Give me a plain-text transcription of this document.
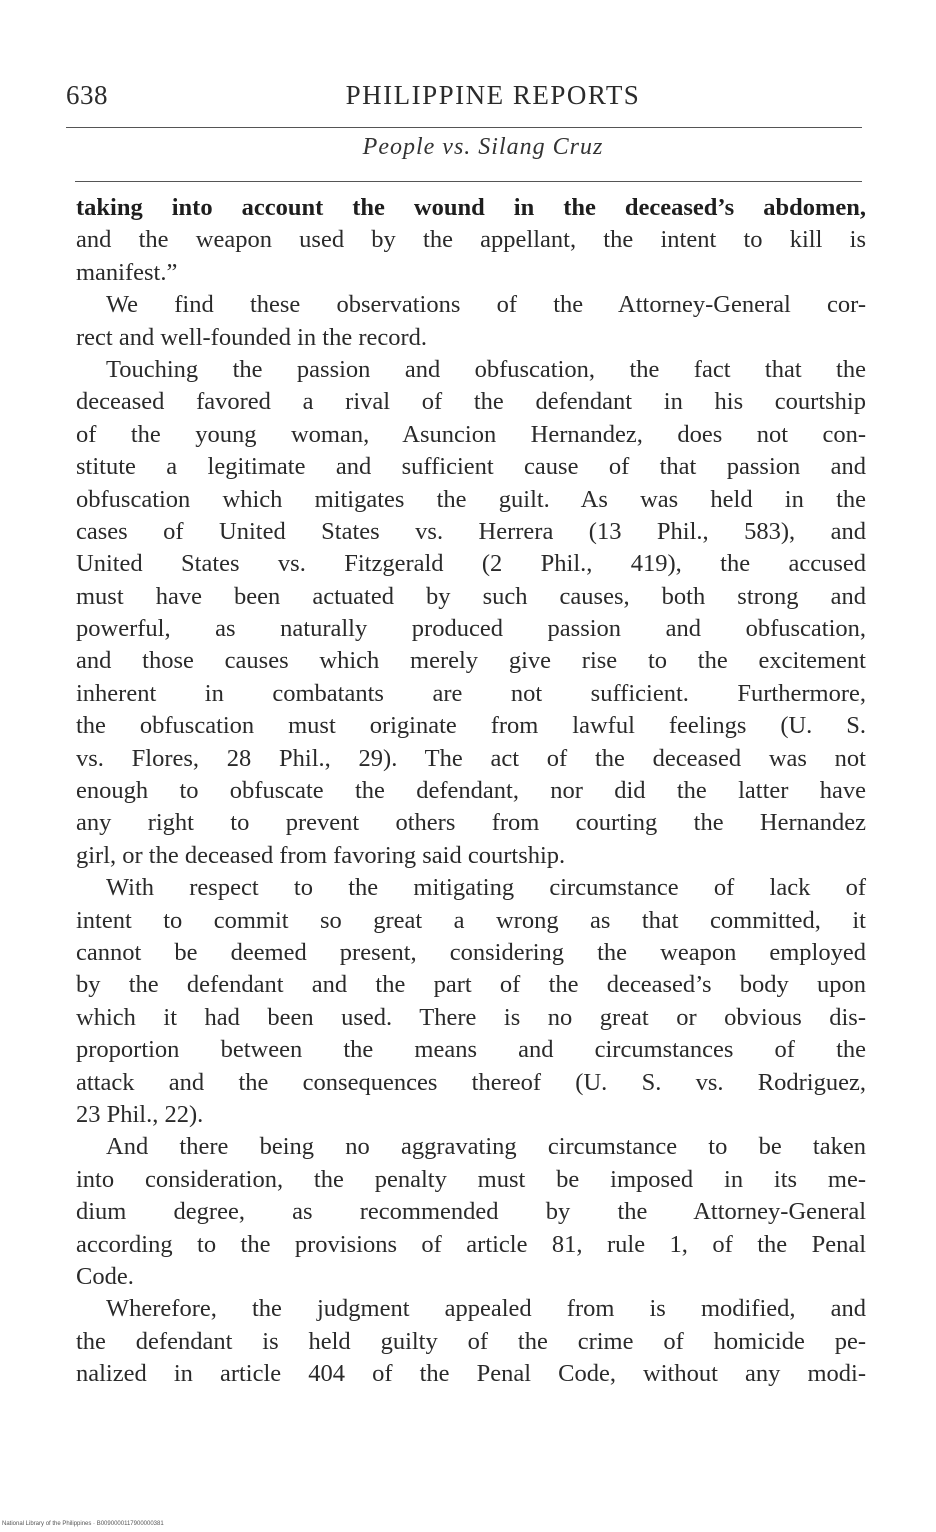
638	PHILIPPINE REPORTS
People vs. Silang Cruz
taking into account the wound in the deceased’s abdomen,
and the weapon used by the appellant, the intent to kill is
manifest.”
We find these observations of the Attorney-General cor-
rect and well-founded in the record.
Touching the passion and obfuscation, the fact that the
deceased favored a rival of the defendant in his courtship
of the young woman, Asuncion Hernandez, does not con-
stitute a legitimate and sufficient cause of that passion and
obfuscation which mitigates the guilt. As was held in the
cases of United States vs. Herrera (13 Phil., 583), and
United States vs. Fitzgerald (2 Phil., 419), the accused
must have been actuated by such causes, both strong and
powerful, as naturally produced passion and obfuscation,
and those causes which merely give rise to the excitement
inherent in combatants are not sufficient. Furthermore,
the obfuscation must originate from lawful feelings (U. S.
vs. Flores, 28 Phil., 29). The act of the deceased was not
enough to obfuscate the defendant, nor did the latter have
any right to prevent others from courting the Hernandez
girl, or the deceased from favoring said courtship.
With respect to the mitigating circumstance of lack of
intent to commit so great a wrong as that committed, it
cannot be deemed present, considering the weapon employed
by the defendant and the part of the deceased’s body upon
which it had been used. There is no great or obvious dis-
proportion between the means and circumstances of the
attack and the consequences thereof (U. S. vs. Rodriguez,
23 Phil., 22).
And there being no aggravating circumstance to be taken
into consideration, the penalty must be imposed in its me-
dium degree, as recommended by the Attorney-General
according to the provisions of article 81, rule 1, of the Penal
Code.
Wherefore, the judgment appealed from is modified, and
the defendant is held guilty of the crime of homicide pe-
nalized in article 404 of the Penal Code, without any modi-
National Library of the Philippines · B0090000117900000381
